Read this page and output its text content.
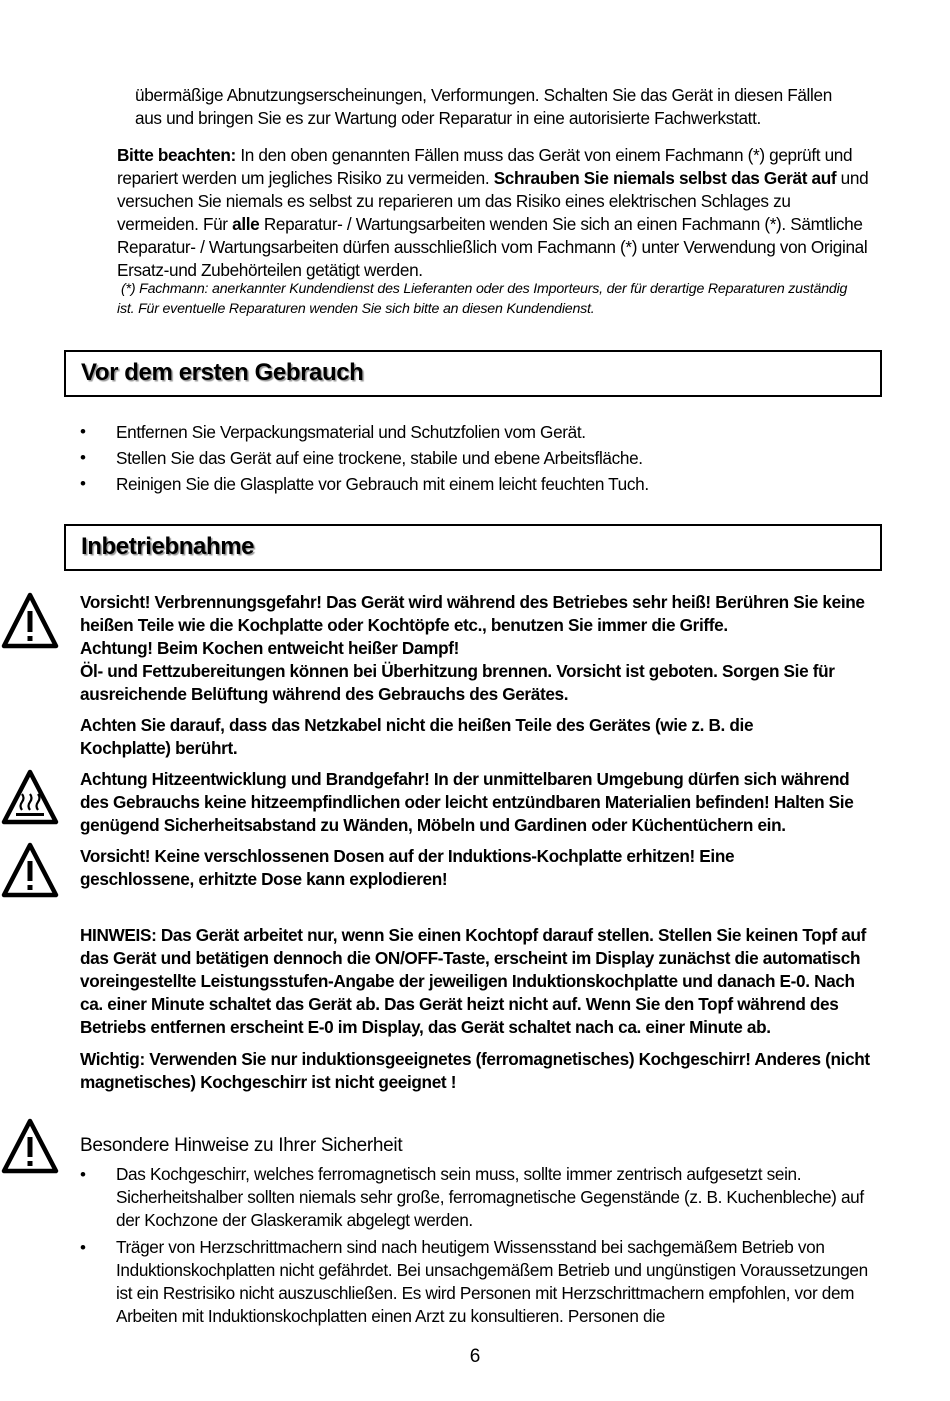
übermäßige Abnutzungserscheinungen, Verformungen. Schalten Sie das Gerät in diesen Fällen
aus und bringen Sie es zur Wartung oder Reparatur in eine autorisierte Fachwerkstatt.

Bitte beachten: In den oben genannten Fällen muss das Gerät von einem Fachmann (*) geprüft und repariert werden um jegliches Risiko zu vermeiden. Schrauben Sie niemals selbst das Gerät auf und versuchen Sie niemals es selbst zu reparieren um das Risiko eines elektrischen Schlages zu vermeiden. Für alle Reparatur- / Wartungsarbeiten wenden Sie sich an einen Fachmann (*). Sämtliche Reparatur- / Wartungsarbeiten dürfen ausschließlich vom Fachmann (*) unter Verwendung von Original Ersatz-und Zubehörteilen getätigt werden.

(*) Fachmann: anerkannter Kundendienst des Lieferanten oder des Importeurs, der für derartige Reparaturen zuständig ist. Für eventuelle Reparaturen wenden Sie sich bitte an diesen Kundendienst.

Vor dem ersten Gebrauch
• Entfernen Sie Verpackungsmaterial und Schutzfolien vom Gerät.
• Stellen Sie das Gerät auf eine trockene, stabile und ebene Arbeitsfläche.
• Reinigen Sie die Glasplatte vor Gebrauch mit einem leicht feuchten Tuch.
Inbetriebnahme
Vorsicht! Verbrennungsgefahr! Das Gerät wird während des Betriebes sehr heiß! Berühren Sie keine heißen Teile wie die Kochplatte oder Kochtöpfe etc., benutzen Sie immer die Griffe.
Achtung! Beim Kochen entweicht heißer Dampf!
Öl- und Fettzubereitungen können bei Überhitzung brennen. Vorsicht ist geboten. Sorgen Sie für ausreichende Belüftung während des Gebrauchs des Gerätes.

Achten Sie darauf, dass das Netzkabel nicht die heißen Teile des Gerätes (wie z. B. die Kochplatte) berührt.

Achtung Hitzeentwicklung und Brandgefahr! In der unmittelbaren Umgebung dürfen sich während des Gebrauchs keine hitzeempfindlichen oder leicht entzündbaren Materialien befinden! Halten Sie genügend Sicherheitsabstand zu Wänden, Möbeln und Gardinen oder Küchentüchern ein.

Vorsicht! Keine verschlossenen Dosen auf der Induktions-Kochplatte erhitzen! Eine geschlossene, erhitzte Dose kann explodieren!

HINWEIS: Das Gerät arbeitet nur, wenn Sie einen Kochtopf darauf stellen. Stellen Sie keinen Topf auf das Gerät und betätigen dennoch die ON/OFF-Taste, erscheint im Display zunächst die automatisch voreingestellte Leistungsstufen-Angabe der jeweiligen Induktionskochplatte und danach E-0. Nach ca. einer Minute schaltet das Gerät ab. Das Gerät heizt nicht auf. Wenn Sie den Topf während des Betriebs entfernen erscheint E-0 im Display, das Gerät schaltet nach ca. einer Minute ab.

Wichtig: Verwenden Sie nur induktionsgeeignetes (ferromagnetisches) Kochgeschirr! Anderes (nicht magnetisches) Kochgeschirr ist nicht geeignet !

Besondere Hinweise zu Ihrer Sicherheit
• Das Kochgeschirr, welches ferromagnetisch sein muss, sollte immer zentrisch aufgesetzt sein. Sicherheitshalber sollten niemals sehr große, ferromagnetische Gegenstände (z. B. Kuchenbleche) auf der Kochzone der Glaskeramik abgelegt werden.
• Träger von Herzschrittmachern sind nach heutigem Wissensstand bei sachgemäßem Betrieb von Induktionskochplatten nicht gefährdet. Bei unsachgemäßem Betrieb und ungünstigen Voraussetzungen ist ein Restrisiko nicht auszuschließen. Es wird Personen mit Herzschrittmachern empfohlen, vor dem Arbeiten mit Induktionskochplatten einen Arzt zu konsultieren. Personen die
6
